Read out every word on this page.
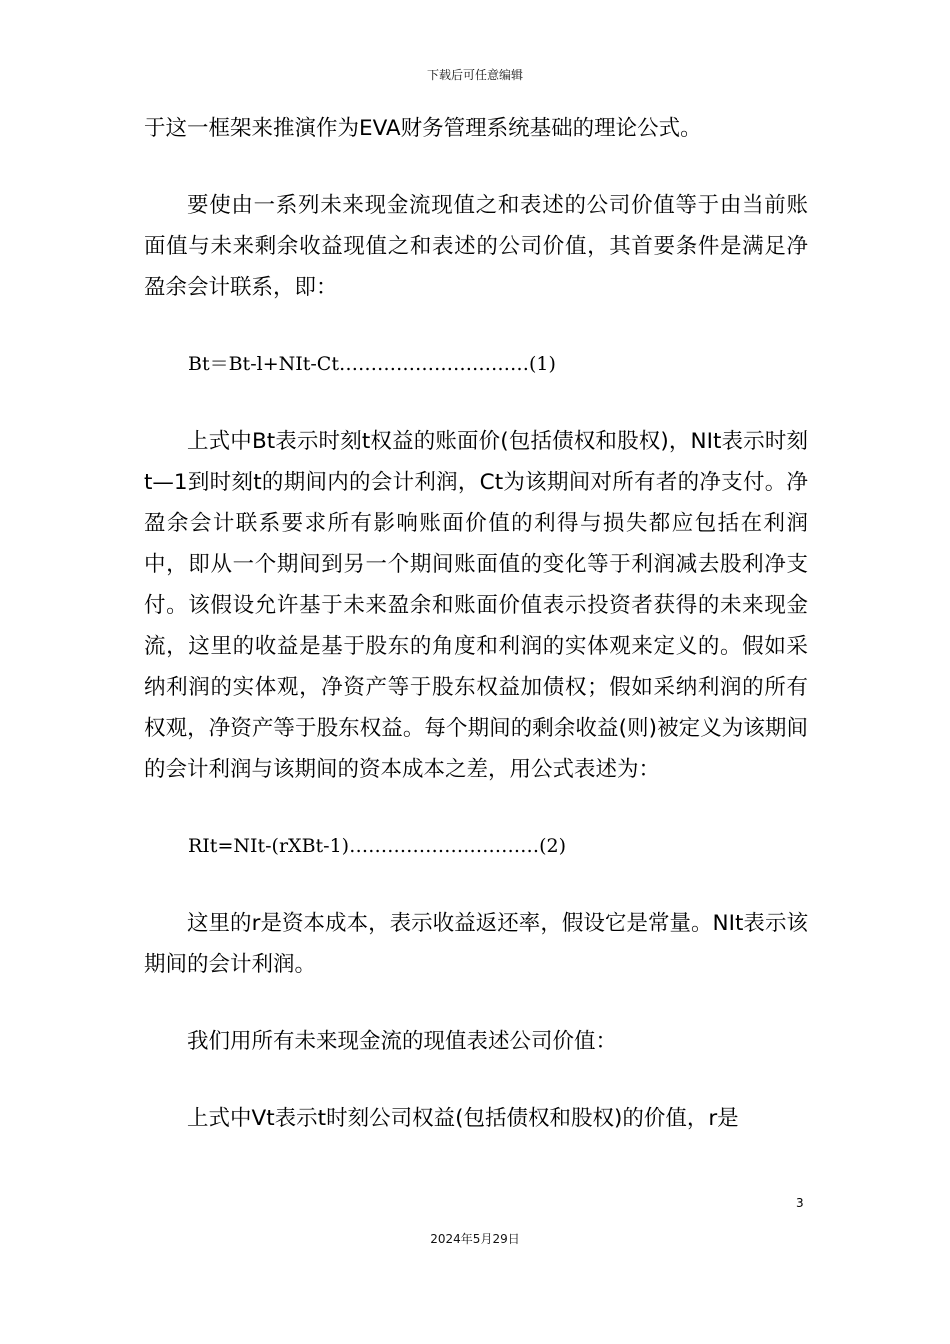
下载后可任意编辑

于这一框架来推演作为EVA财务管理系统基础的理论公式。

要使由一系列未来现金流现值之和表述的公司价值等于由当前账面值与未来剩余收益现值之和表述的公司价值，其首要条件是满足净盈余会计联系，即：

Bt＝Bt-l+NIt-Ct…………………………(1)

上式中Bt表示时刻t权益的账面价(包括债权和股权)，NIt表示时刻t—1到时刻t的期间内的会计利润，Ct为该期间对所有者的净支付。净盈余会计联系要求所有影响账面价值的利得与损失都应包括在利润中，即从一个期间到另一个期间账面值的变化等于利润减去股利净支付。该假设允许基于未来盈余和账面价值表示投资者获得的未来现金流，这里的收益是基于股东的角度和利润的实体观来定义的。假如采纳利润的实体观，净资产等于股东权益加债权；假如采纳利润的所有权观，净资产等于股东权益。每个期间的剩余收益(则)被定义为该期间的会计利润与该期间的资本成本之差，用公式表述为：

RIt=NIt-(rXBt-1)…………………………(2)

这里的r是资本成本，表示收益返还率，假设它是常量。NIt表示该期间的会计利润。

我们用所有未来现金流的现值表述公司价值：

上式中Vt表示t时刻公司权益(包括债权和股权)的价值，r是

3
2024年5月29日
